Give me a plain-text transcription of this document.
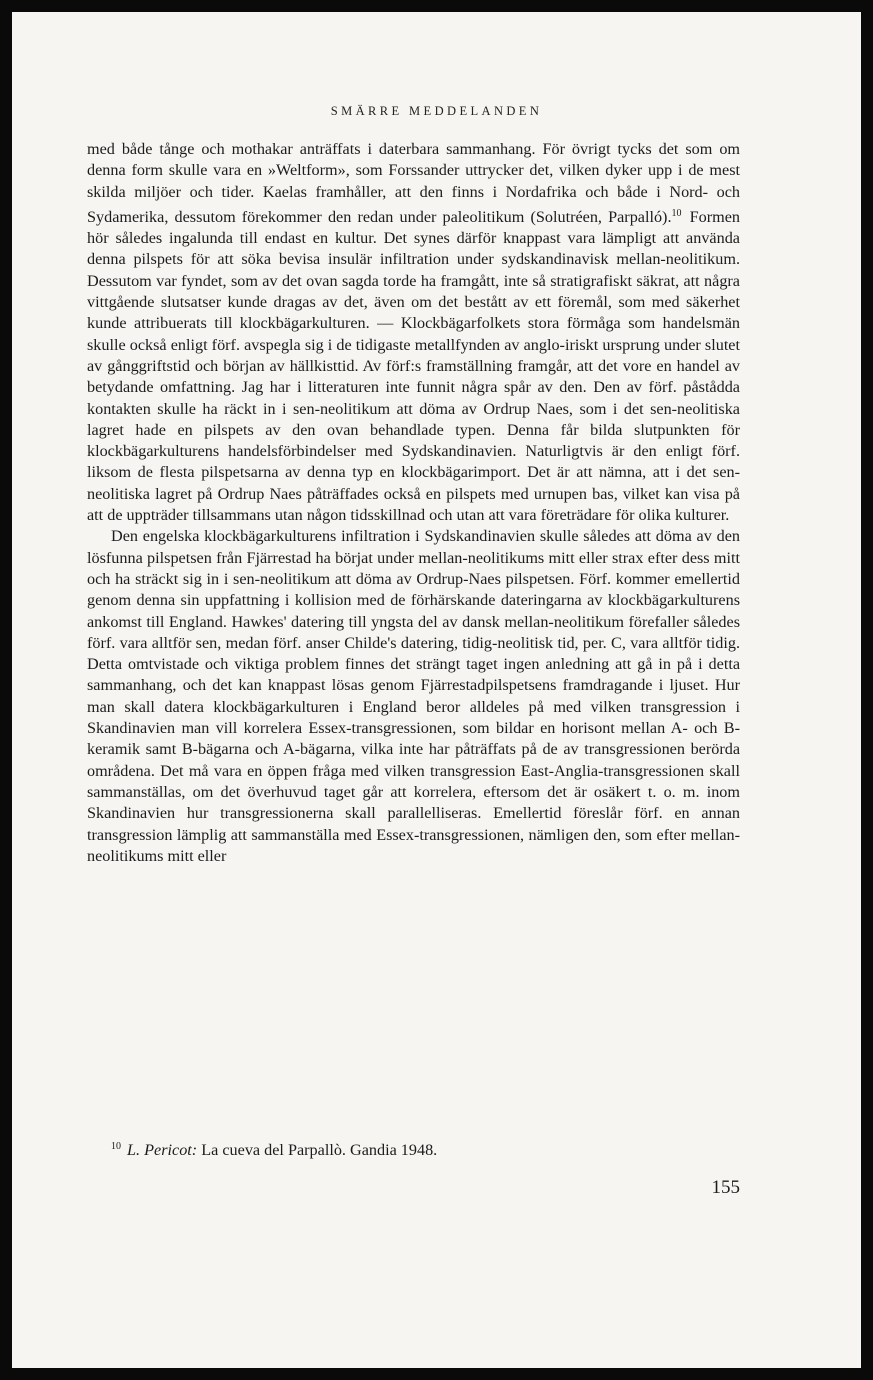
SMÄRRE MEDDELANDEN

med både tånge och mothakar anträffats i daterbara sammanhang. För övrigt tycks det som om denna form skulle vara en »Weltform», som Forssander uttrycker det, vilken dyker upp i de mest skilda miljöer och tider. Kaelas framhåller, att den finns i Nordafrika och både i Nord- och Sydamerika, dessutom förekommer den redan under paleolitikum (Solutréen, Parpalló).$^{10}$ Formen hör således ingalunda till endast en kultur. Det synes därför knappast vara lämpligt att använda denna pilspets för att söka bevisa insulär infiltration under sydskandinavisk mellan-neolitikum. Dessutom var fyndet, som av det ovan sagda torde ha framgått, inte så stratigrafiskt säkrat, att några vittgående slutsatser kunde dragas av det, även om det bestått av ett föremål, som med säkerhet kunde attribuerats till klockbägarkulturen. — Klockbägarfolkets stora förmåga som handelsmän skulle också enligt förf. avspegla sig i de tidigaste metallfynden av anglo-iriskt ursprung under slutet av gånggriftstid och början av hällkisttid. Av förf:s framställning framgår, att det vore en handel av betydande omfattning. Jag har i litteraturen inte funnit några spår av den. Den av förf. påstådda kontakten skulle ha räckt in i sen-neolitikum att döma av Ordrup Naes, som i det sen-neolitiska lagret hade en pilspets av den ovan behandlade typen. Denna får bilda slutpunkten för klockbägarkulturens handelsförbindelser med Sydskandinavien. Naturligtvis är den enligt förf. liksom de flesta pilspetsarna av denna typ en klockbägarimport. Det är att nämna, att i det sen-neolitiska lagret på Ordrup Naes påträffades också en pilspets med urnupen bas, vilket kan visa på att de uppträder tillsammans utan någon tidsskillnad och utan att vara företrädare för olika kulturer.

Den engelska klockbägarkulturens infiltration i Sydskandinavien skulle således att döma av den lösfunna pilspetsen från Fjärrestad ha börjat under mellan-neolitikums mitt eller strax efter dess mitt och ha sträckt sig in i sen-neolitikum att döma av Ordrup-Naes pilspetsen. Förf. kommer emellertid genom denna sin uppfattning i kollision med de förhärskande dateringarna av klockbägarkulturens ankomst till England. Hawkes' datering till yngsta del av dansk mellan-neolitikum förefaller således förf. vara alltför sen, medan förf. anser Childe's datering, tidig-neolitisk tid, per. C, vara alltför tidig. Detta omtvistade och viktiga problem finnes det strängt taget ingen anledning att gå in på i detta sammanhang, och det kan knappast lösas genom Fjärrestadpilspetsens framdragande i ljuset. Hur man skall datera klockbägarkulturen i England beror alldeles på med vilken transgression i Skandinavien man vill korrelera Essex-transgressionen, som bildar en horisont mellan A- och B-keramik samt B-bägarna och A-bägarna, vilka inte har påträffats på de av transgressionen berörda områdena. Det må vara en öppen fråga med vilken transgression East-Anglia-transgressionen skall sammanställas, om det överhuvud taget går att korrelera, eftersom det är osäkert t. o. m. inom Skandinavien hur transgressionerna skall parallelliseras. Emellertid föreslår förf. en annan transgression lämplig att sammanställa med Essex-transgressionen, nämligen den, som efter mellan-neolitikums mitt eller

$^{10}$ L. Pericot: La cueva del Parpallò. Gandia 1948.
155
